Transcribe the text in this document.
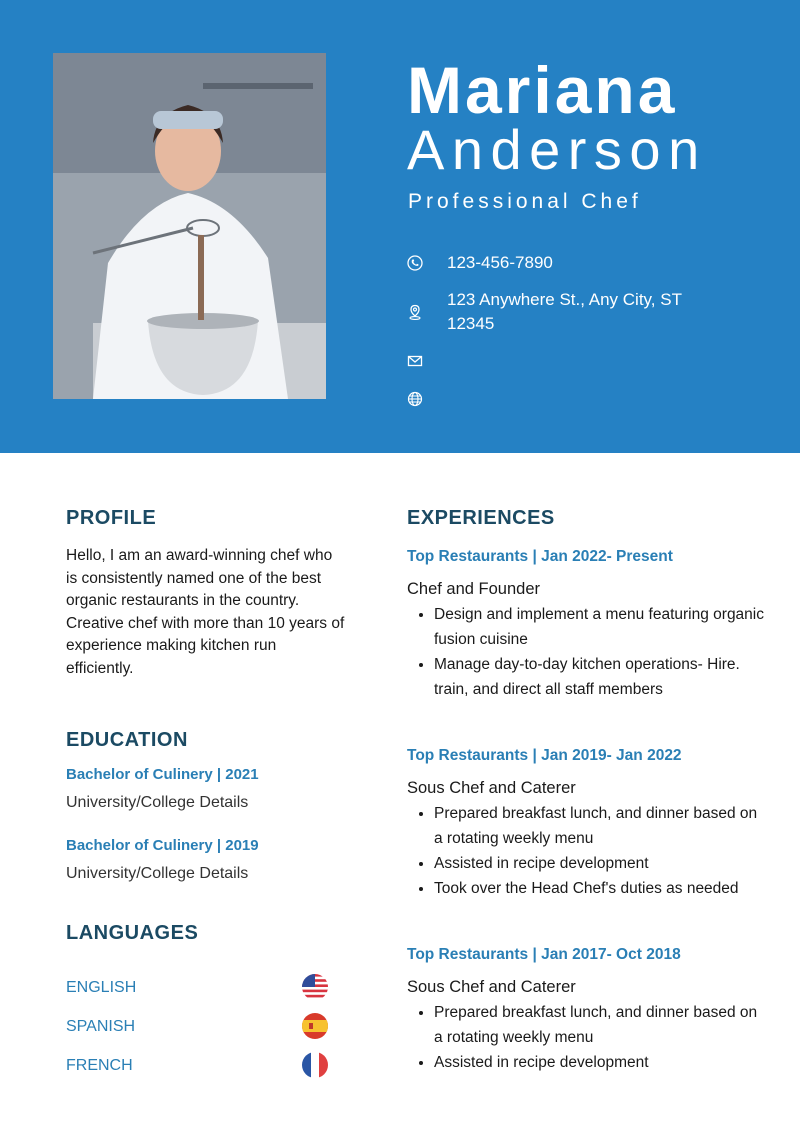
Mariana
Anderson
Professional Chef
123-456-7890
123 Anywhere St., Any City, ST 12345
PROFILE
Hello, I am an award-winning chef who is consistently named one of the best organic restaurants in the country. Creative chef with more than 10 years of experience making kitchen run efficiently.
EDUCATION
Bachelor of Culinery | 2021
University/College Details
Bachelor of Culinery | 2019
University/College Details
LANGUAGES
ENGLISH
SPANISH
FRENCH
EXPERIENCES
Top Restaurants | Jan 2022- Present
Chef and Founder
• Design and implement a menu featuring organic fusion cuisine
• Manage day-to-day kitchen operations- Hire. train, and direct all staff members
Top Restaurants | Jan 2019- Jan 2022
Sous Chef and Caterer
• Prepared breakfast lunch, and dinner based on a rotating weekly menu
• Assisted in recipe development
• Took over the Head Chef's duties as needed
Top Restaurants | Jan 2017- Oct 2018
Sous Chef and Caterer
• Prepared breakfast lunch, and dinner based on a rotating weekly menu
• Assisted in recipe development
